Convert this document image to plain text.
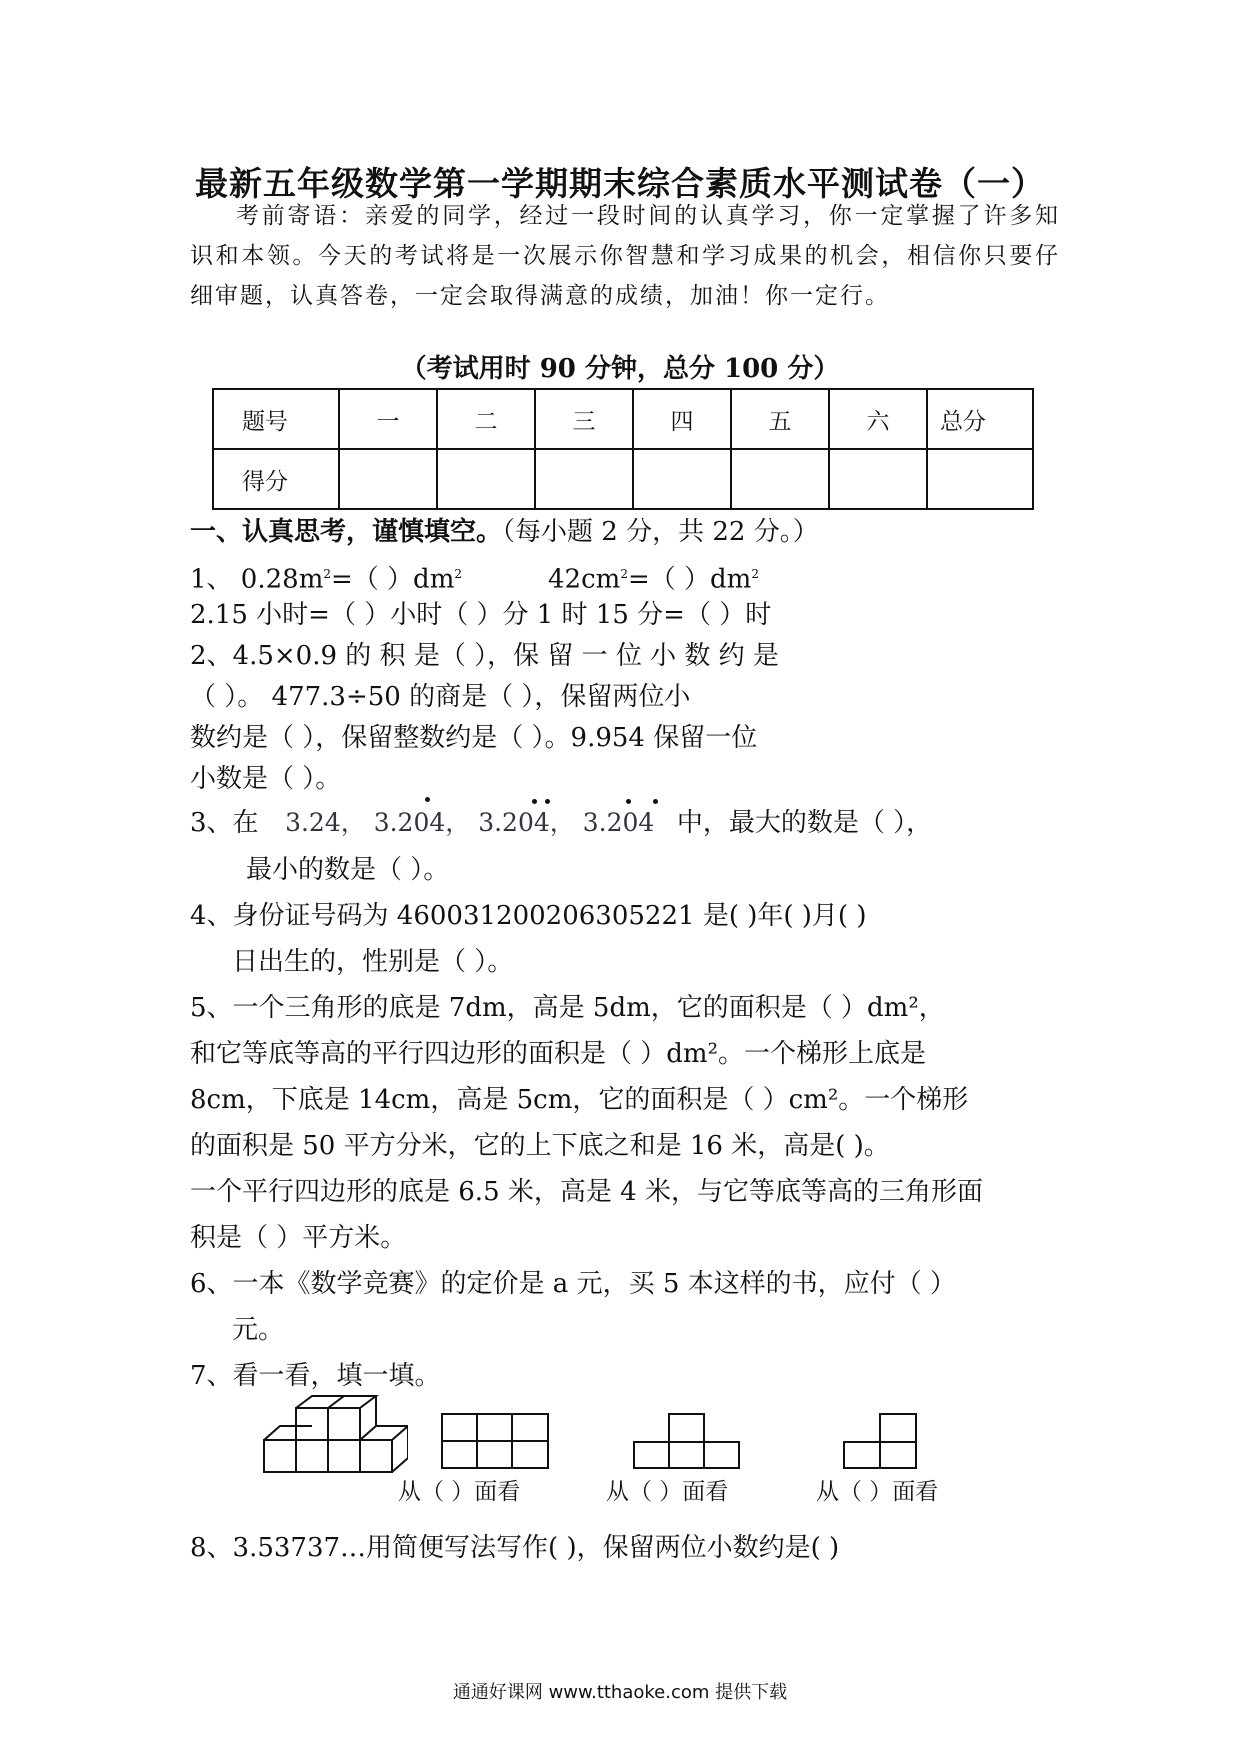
最新五年级数学第一学期期末综合素质水平测试卷（一）
考前寄语：亲爱的同学，经过一段时间的认真学习，你一定掌握了许多知识和本领。今天的考试将是一次展示你智慧和学习成果的机会，相信你只要仔细审题，认真答卷，一定会取得满意的成绩，加油！你一定行。
（考试用时 90 分钟，总分 100 分）
题号	一	二	三	四	五	六	总分
得分							
一、认真思考，谨慎填空。（每小题 2 分，共 22 分。）
1、 $0.28m^2=$（ ）$dm^2$	$42cm^2=$（ ）$dm^2$
2.15 小时=（ ）小时（ ）分 1 时 15 分=（ ）时
2、4.5×0.9 的 积 是（ ），保 留 一 位 小 数 约 是
（ ）。 477.3÷50 的商是（ ），保留两位小
数约是（ ），保留整数约是（ ）。9.954 保留一位
小数是（ ）。
3、在 3.24， 3.204， 3.204， 3.204 中，最大的数是（ ），
最小的数是（ ）。
4、身份证号码为 460031200206305221 是( )年( )月( )
日出生的，性别是（ ）。
5、一个三角形的底是 7dm，高是 5dm，它的面积是（ ）dm²，
和它等底等高的平行四边形的面积是（ ）dm²。一个梯形上底是
8cm，下底是 14cm，高是 5cm，它的面积是（ ）cm²。一个梯形
的面积是 50 平方分米，它的上下底之和是 16 米，高是( )。
一个平行四边形的底是 6.5 米，高是 4 米，与它等底等高的三角形面
积是（ ）平方米。
6、一本《数学竞赛》的定价是 a 元，买 5 本这样的书，应付（ ）
元。
7、看一看，填一填。
从（ ）面看	从（ ）面看	从（ ）面看
8、3.53737…用简便写法写作( )，保留两位小数约是( )
通通好课网 www.tthaoke.com 提供下载
